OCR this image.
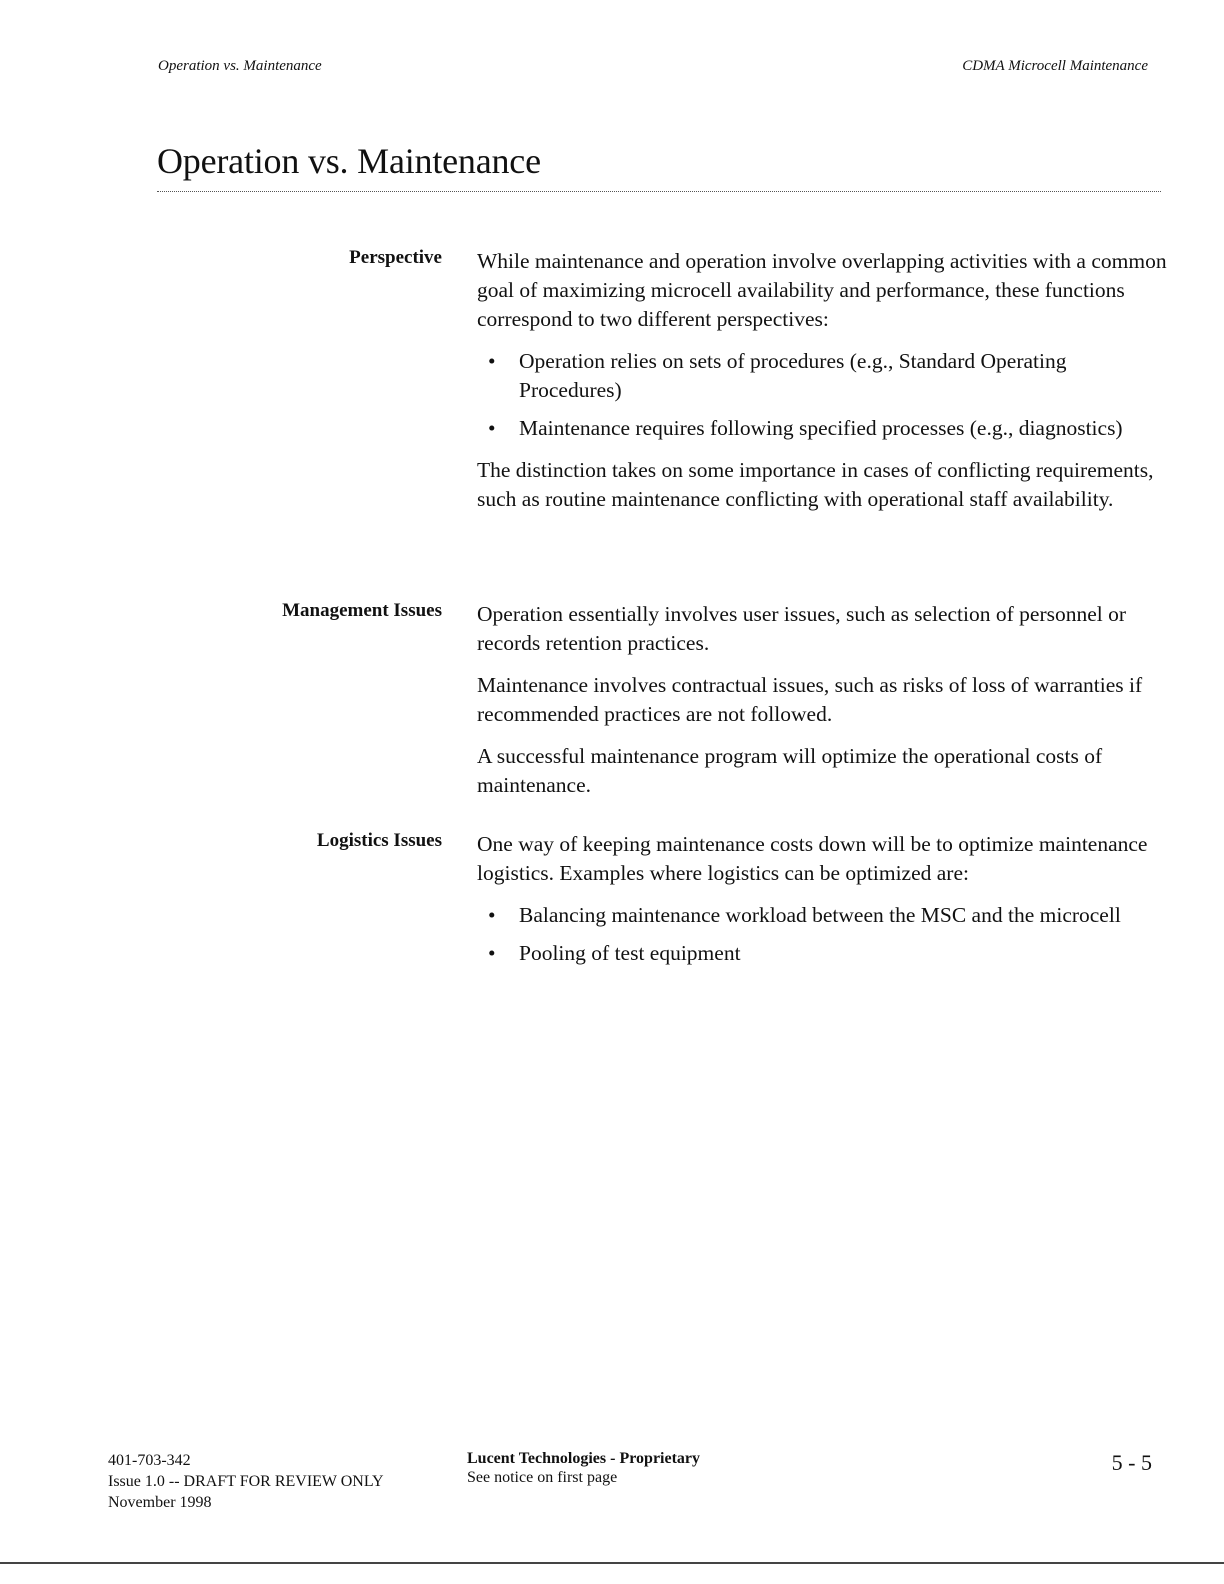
Operation vs. Maintenance	CDMA Microcell Maintenance
Operation vs. Maintenance
Perspective While maintenance and operation involve overlapping activities with a common goal of maximizing microcell availability and performance, these functions correspond to two different perspectives:

• Operation relies on sets of procedures (e.g., Standard Operating Procedures)
• Maintenance requires following specified processes (e.g., diagnostics)

The distinction takes on some importance in cases of conflicting requirements, such as routine maintenance conflicting with operational staff availability.

Management Issues Operation essentially involves user issues, such as selection of personnel or records retention practices.

Maintenance involves contractual issues, such as risks of loss of warranties if recommended practices are not followed.

A successful maintenance program will optimize the operational costs of maintenance.

Logistics Issues One way of keeping maintenance costs down will be to optimize maintenance logistics. Examples where logistics can be optimized are:

• Balancing maintenance workload between the MSC and the microcell
• Pooling of test equipment
401-703-342
Issue 1.0 -- DRAFT FOR REVIEW ONLY
November 1998
Lucent Technologies - Proprietary
See notice on first page
5 - 5
